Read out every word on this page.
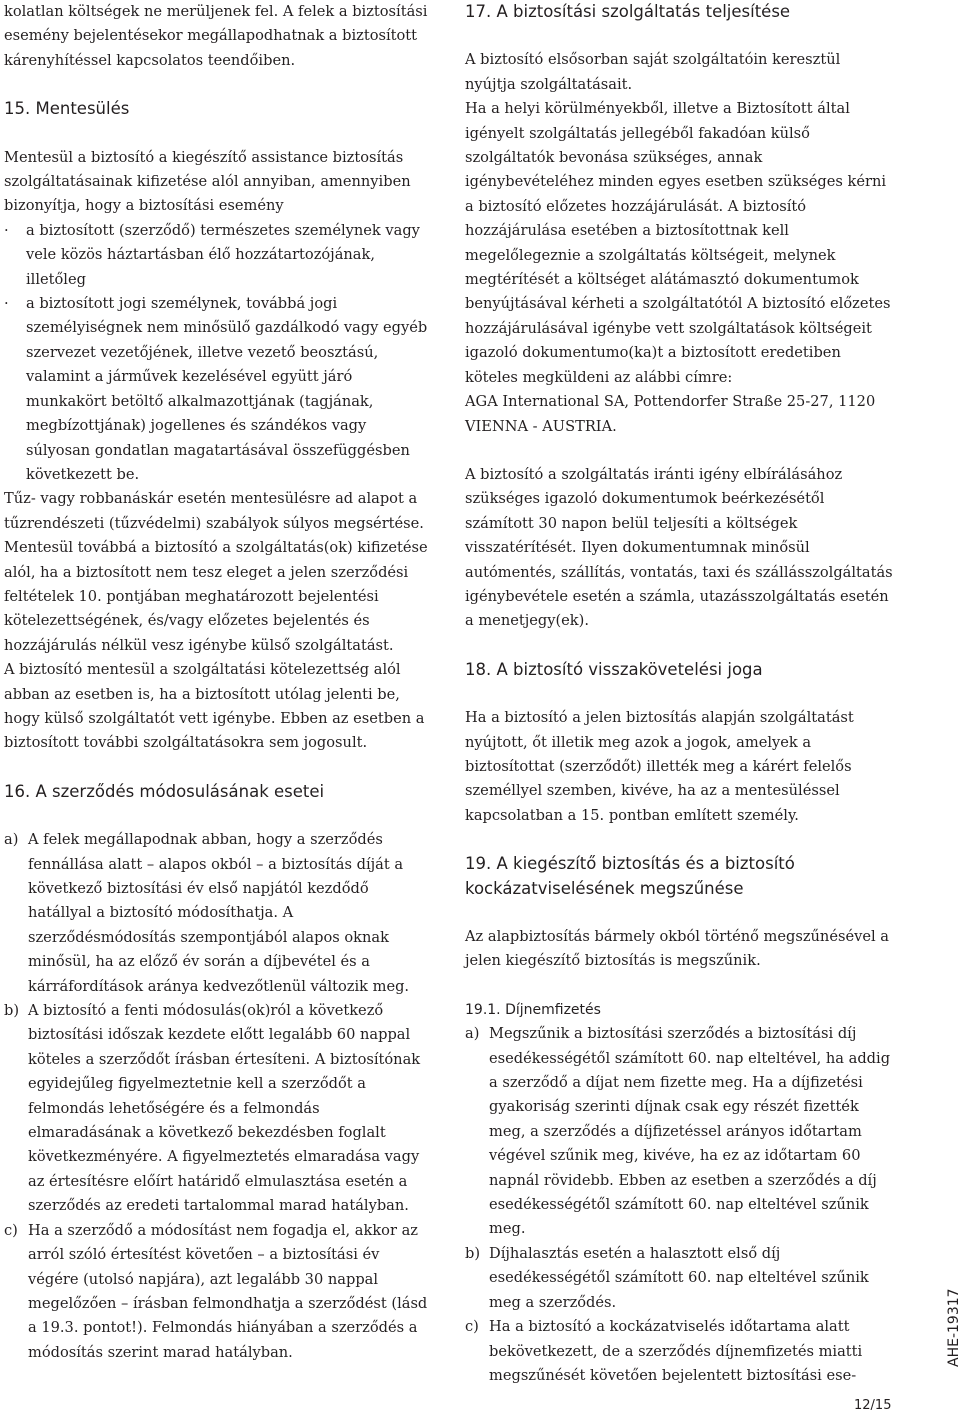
kolatlan költségek ne merüljenek fel. A felek a biztosítási esemény bejelentésekor megállapodhatnak a biztosított kárenyhítéssel kapcsolatos teendőiben.

15. Mentesülés

Mentesül a biztosító a kiegészítő assistance biztosítás szolgáltatásainak kifizetése alól annyiban, amennyiben bizonyítja, hogy a biztosítási esemény

· a biztosított (szerződő) természetes személynek vagy vele közös háztartásban élő hozzátartozójának, illetőleg
· a biztosított jogi személynek, továbbá jogi személyiségnek nem minősülő gazdálkodó vagy egyéb szervezet vezetőjének, illetve vezető beosztású, valamint a járművek kezelésével együtt járó munkakört betöltő alkalmazottjának (tagjának, megbízottjának) jogellenes és szándékos vagy súlyosan gondatlan magatartásával összefüggésben következett be.

Tűz- vagy robbanáskár esetén mentesülésre ad alapot a tűzrendészeti (tűzvédelmi) szabályok súlyos megsértése.

Mentesül továbbá a biztosító a szolgáltatás(ok) kifizetése alól, ha a biztosított nem tesz eleget a jelen szerződési feltételek 10. pontjában meghatározott bejelentési kötelezettségének, és/vagy előzetes bejelentés és hozzájárulás nélkül vesz igénybe külső szolgáltatást.

A biztosító mentesül a szolgáltatási kötelezettség alól abban az esetben is, ha a biztosított utólag jelenti be, hogy külső szolgáltatót vett igénybe. Ebben az esetben a biztosított további szolgáltatásokra sem jogosult.

16. A szerződés módosulásának esetei
a) A felek megállapodnak abban, hogy a szerződés fennállása alatt – alapos okból – a biztosítás díját a következő biztosítási év első napjától kezdődő hatállyal a biztosító módosíthatja. A szerződésmódosítás szempontjából alapos oknak minősül, ha az előző év során a díjbevétel és a kárráfordítások aránya kedvezőtlenül változik meg.
b) A biztosító a fenti módosulás(ok)ról a következő biztosítási időszak kezdete előtt legalább 60 nappal köteles a szerződőt írásban értesíteni. A biztosítónak egyidejűleg figyelmeztetnie kell a szerződőt a felmondás lehetőségére és a felmondás elmaradásának a következő bekezdésben foglalt következményére. A figyelmeztetés elmaradása vagy az értesítésre előírt határidő elmulasztása esetén a szerződés az eredeti tartalommal marad hatályban.
c) Ha a szerződő a módosítást nem fogadja el, akkor az arról szóló értesítést követően – a biztosítási év végére (utolsó napjára), azt legalább 30 nappal megelőzően – írásban felmondhatja a szerződést (lásd a 19.3. pontot!). Felmondás hiányában a szerződés a módosítás szerint marad hatályban.
17. A biztosítási szolgáltatás teljesítése

A biztosító elsősorban saját szolgáltatóin keresztül nyújtja szolgáltatásait.

Ha a helyi körülményekből, illetve a Biztosított által igényelt szolgáltatás jellegéből fakadóan külső szolgáltatók bevonása szükséges, annak igénybevételéhez minden egyes esetben szükséges kérni a biztosító előzetes hozzájárulását. A biztosító hozzájárulása esetében a biztosítottnak kell megelőlegeznie a szolgáltatás költségeit, melynek megtérítését a költséget alátámasztó dokumentumok benyújtásával kérheti a szolgáltatótól A biztosító előzetes hozzájárulásával igénybe vett szolgáltatások költségeit igazoló dokumentumo(ka)t a biztosított eredetiben köteles megküldeni az alábbi címre:

AGA International SA, Pottendorfer Straße 25-27, 1120

VIENNA - AUSTRIA.

A biztosító a szolgáltatás iránti igény elbírálásához szükséges igazoló dokumentumok beérkezésétől számított 30 napon belül teljesíti a költségek visszatérítését. Ilyen dokumentumnak minősül autómentés, szállítás, vontatás, taxi és szállásszolgáltatás igénybevétele esetén a számla, utazásszolgáltatás esetén a menetjegy(ek).

18. A biztosító visszakövetelési joga

Ha a biztosító a jelen biztosítás alapján szolgáltatást nyújtott, őt illetik meg azok a jogok, amelyek a biztosítottat (szerződőt) illették meg a kárért felelős személlyel szemben, kivéve, ha az a mentesüléssel kapcsolatban a 15. pontban említett személy.

19. A kiegészítő biztosítás és a biztosító
kockázatviselésének megszűnése

Az alapbiztosítás bármely okból történő megszűnésével a jelen kiegészítő biztosítás is megszűnik.

19.1. Díjnemfizetés
a) Megszűnik a biztosítási szerződés a biztosítási díj esedékességétől számított 60. nap elteltével, ha addig a szerződő a díjat nem fizette meg. Ha a díjfizetési gyakoriság szerinti díjnak csak egy részét fizették meg, a szerződés a díjfizetéssel arányos időtartam végével szűnik meg, kivéve, ha ez az időtartam 60 napnál rövidebb. Ebben az esetben a szerződés a díj esedékességétől számított 60. nap elteltével szűnik meg.
b) Díjhalasztás esetén a halasztott első díj esedékességétől számított 60. nap elteltével szűnik meg a szerződés.
c) Ha a biztosító a kockázatviselés időtartama alatt bekövetkezett, de a szerződés díjnemfizetés miatti megszűnését követően bejelentett biztosítási ese-
12/15
AHE-19317
